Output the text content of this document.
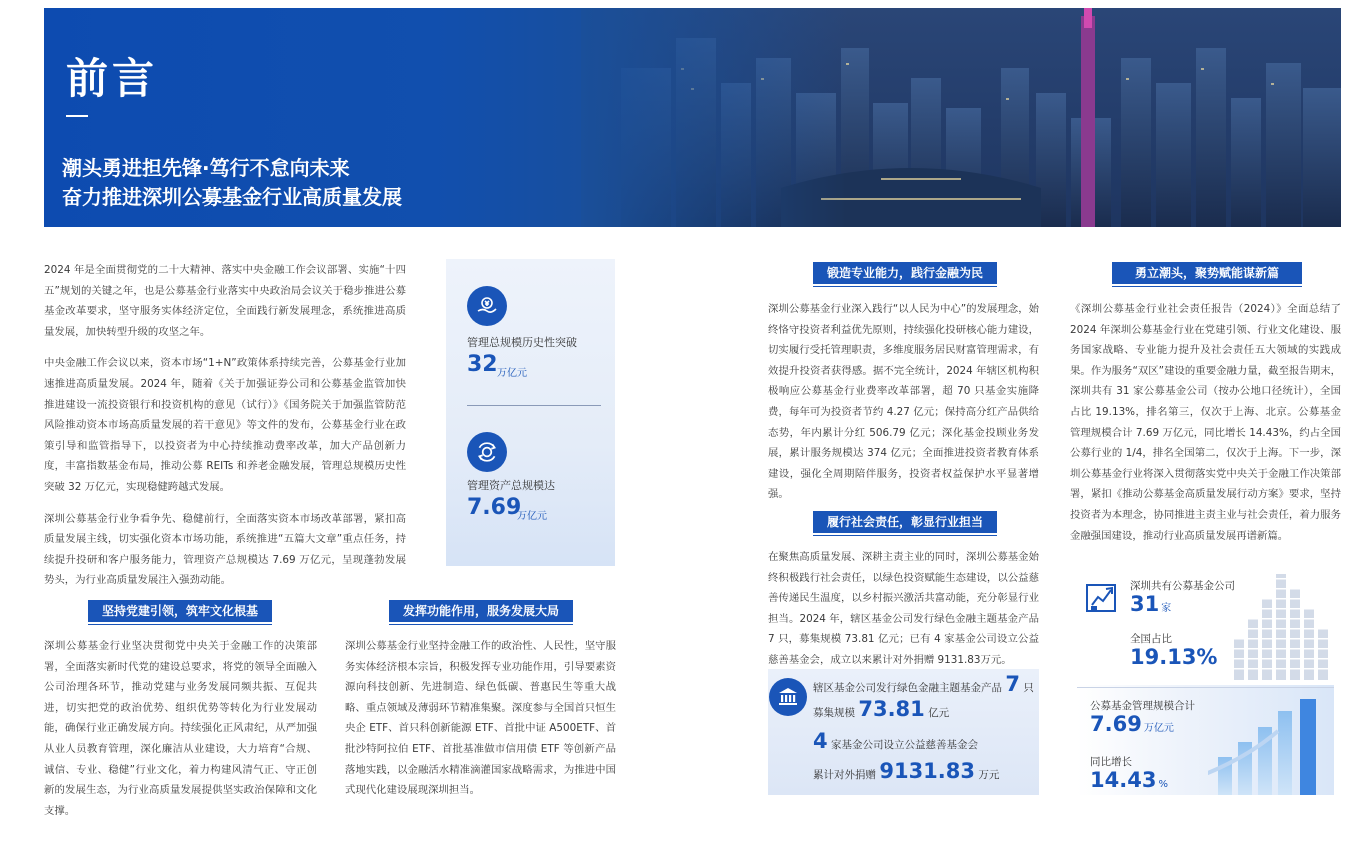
前言
潮头勇进担先锋·笃行不怠向未来
奋力推进深圳公募基金行业高质量发展

2024 年是全面贯彻党的二十大精神、落实中央金融工作会议部署、实施“十四五”规划的关键之年，也是公募基金行业落实中央政治局会议关于稳步推进公募基金改革要求，坚守服务实体经济定位，全面践行新发展理念，系统推进高质量发展，加快转型升级的攻坚之年。

中央金融工作会议以来，资本市场“1+N”政策体系持续完善，公募基金行业加速推进高质量发展。2024 年，随着《关于加强证券公司和公募基金监管加快推进建设一流投资银行和投资机构的意见（试行）》《国务院关于加强监管防范风险推动资本市场高质量发展的若干意见》等文件的发布，公募基金行业在政策引导和监管指导下，以投资者为中心持续推动费率改革，加大产品创新力度，丰富指数基金布局，推动公募 REITs 和养老金融发展，管理总规模历史性突破 32 万亿元，实现稳健跨越式发展。

深圳公募基金行业争看争先、稳健前行，全面落实资本市场改革部署，紧扣高质量发展主线，切实强化资本市场功能，系统推进“五篇大文章”重点任务，持续提升投研和客户服务能力，管理资产总规模达 7.69 万亿元，呈现蓬勃发展势头，为行业高质量发展注入强劲动能。

管理总规模历史性突破
32 万亿元
管理资产总规模达
7.69
万亿元
坚持党建引领，筑牢文化根基
深圳公募基金行业坚决贯彻党中央关于金融工作的决策部署，全面落实新时代党的建设总要求，将党的领导全面融入公司治理各环节，推动党建与业务发展同频共振、互促共进，切实把党的政治优势、组织优势等转化为行业发展动能，确保行业正确发展方向。持续强化正风肃纪，从严加强从业人员教育管理，深化廉洁从业建设，大力培育“合规、诚信、专业、稳健”行业文化，着力构建风清气正、守正创新的发展生态，为行业高质量发展提供坚实政治保障和文化支撑。
发挥功能作用，服务发展大局
深圳公募基金行业坚持金融工作的政治性、人民性，坚守服务实体经济根本宗旨，积极发挥专业功能作用，引导要素资源向科技创新、先进制造、绿色低碳、普惠民生等重大战略、重点领域及薄弱环节精准集聚。深度参与全国首只恒生央企 ETF、首只科创新能源 ETF、首批中证 A500ETF、首批沙特阿拉伯 ETF、首批基准做市信用债 ETF 等创新产品落地实践，以金融活水精准滴灌国家战略需求，为推进中国式现代化建设展现深圳担当。
锻造专业能力，践行金融为民
深圳公募基金行业深入践行“以人民为中心”的发展理念，始终恪守投资者利益优先原则，持续强化投研核心能力建设，切实履行受托管理职责，多维度服务居民财富管理需求，有效提升投资者获得感。据不完全统计，2024 年辖区机构积极响应公募基金行业费率改革部署，超 70 只基金实施降费，每年可为投资者节约 4.27 亿元；保持高分红产品供给态势，年内累计分红 506.79 亿元；深化基金投顾业务发展，累计服务规模达 374 亿元；全面推进投资者教育体系建设，强化全周期陪伴服务，投资者权益保护水平显著增强。
履行社会责任，彰显行业担当
在聚焦高质量发展、深耕主责主业的同时，深圳公募基金始终积极践行社会责任，以绿色投资赋能生态建设，以公益慈善传递民生温度，以乡村振兴激活共富动能，充分彰显行业担当。2024 年，辖区基金公司发行绿色金融主题基金产品 7 只，募集规模 73.81 亿元；已有 4 家基金公司设立公益慈善基金会，成立以来累计对外捐赠 9131.83万元。
辖区基金公司发行绿色金融主题基金产品 7 只
募集规模 73.81 亿元
4 家基金公司设立公益慈善基金会
累计对外捐赠 9131.83 万元
勇立潮头，聚势赋能谋新篇
《深圳公募基金行业社会责任报告（2024）》全面总结了 2024 年深圳公募基金行业在党建引领、行业文化建设、服务国家战略、专业能力提升及社会责任五大领域的实践成果。作为服务“双区”建设的重要金融力量，截至报告期末，深圳共有 31 家公募基金公司（按办公地口径统计），全国占比 19.13%，排名第三，仅次于上海、北京。公募基金管理规模合计 7.69 万亿元，同比增长 14.43%，约占全国公募行业的 1/4，排名全国第二，仅次于上海。下一步，深圳公募基金行业将深入贯彻落实党中央关于金融工作决策部署，紧扣《推动公募基金高质量发展行动方案》要求，坚持投资者为本理念，协同推进主责主业与社会责任，着力服务金融强国建设，推动行业高质量发展再谱新篇。
深圳共有公募基金公司
31 家
全国占比
19.13%
公募基金管理规模合计
7.69 万亿元
同比增长
14.43 %
